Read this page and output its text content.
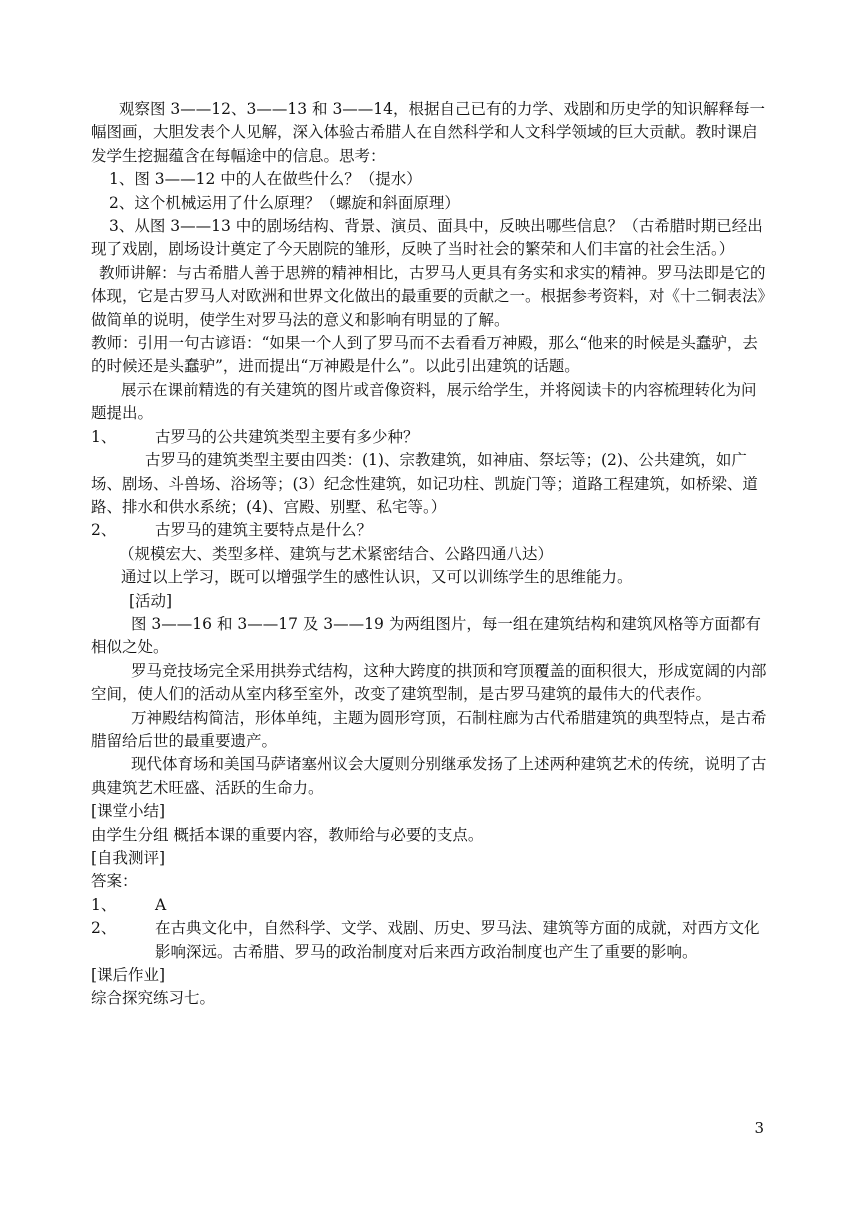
观察图 3——12、3——13 和 3——14，根据自己已有的力学、戏剧和历史学的知识解释每一幅图画，大胆发表个人见解，深入体验古希腊人在自然科学和人文科学领域的巨大贡献。教时课启发学生挖掘蕴含在每幅途中的信息。思考：

1、图 3——12 中的人在做些什么？（提水）

2、这个机械运用了什么原理？（螺旋和斜面原理）

3、从图 3——13 中的剧场结构、背景、演员、面具中，反映出哪些信息？（古希腊时期已经出现了戏剧，剧场设计奠定了今天剧院的雏形，反映了当时社会的繁荣和人们丰富的社会生活。）

教师讲解：与古希腊人善于思辨的精神相比，古罗马人更具有务实和求实的精神。罗马法即是它的体现，它是古罗马人对欧洲和世界文化做出的最重要的贡献之一。根据参考资料，对《十二铜表法》做简单的说明，使学生对罗马法的意义和影响有明显的了解。

教师：引用一句古谚语：“如果一个人到了罗马而不去看看万神殿，那么“他来的时候是头蠢驴，去的时候还是头蠢驴”，进而提出“万神殿是什么”。以此引出建筑的话题。

展示在课前精选的有关建筑的图片或音像资料，展示给学生，并将阅读卡的内容梳理转化为问题提出。

1、	古罗马的公共建筑类型主要有多少种？

古罗马的建筑类型主要由四类：(1)、宗教建筑，如神庙、祭坛等；(2)、公共建筑，如广场、剧场、斗兽场、浴场等；(3）纪念性建筑，如记功柱、凯旋门等；道路工程建筑，如桥梁、道路、排水和供水系统；(4)、宫殿、别墅、私宅等。）

2、	古罗马的建筑主要特点是什么？

（规模宏大、类型多样、建筑与艺术紧密结合、公路四通八达）

通过以上学习，既可以增强学生的感性认识，又可以训练学生的思维能力。

[活动]

图 3——16 和 3——17 及 3——19 为两组图片，每一组在建筑结构和建筑风格等方面都有相似之处。

罗马竞技场完全采用拱券式结构，这种大跨度的拱顶和穹顶覆盖的面积很大，形成宽阔的内部空间，使人们的活动从室内移至室外，改变了建筑型制，是古罗马建筑的最伟大的代表作。

万神殿结构简洁，形体单纯，主题为圆形穹顶，石制柱廊为古代希腊建筑的典型特点，是古希腊留给后世的最重要遗产。

现代体育场和美国马萨诸塞州议会大厦则分别继承发扬了上述两种建筑艺术的传统，说明了古典建筑艺术旺盛、活跃的生命力。

[课堂小结]

由学生分组 概括本课的重要内容，教师给与必要的支点。

[自我测评]

答案：

1、	A
2、	在古典文化中，自然科学、文学、戏剧、历史、罗马法、建筑等方面的成就，对西方文化影响深远。古希腊、罗马的政治制度对后来西方政治制度也产生了重要的影响。

[课后作业]

综合探究练习七。

3
